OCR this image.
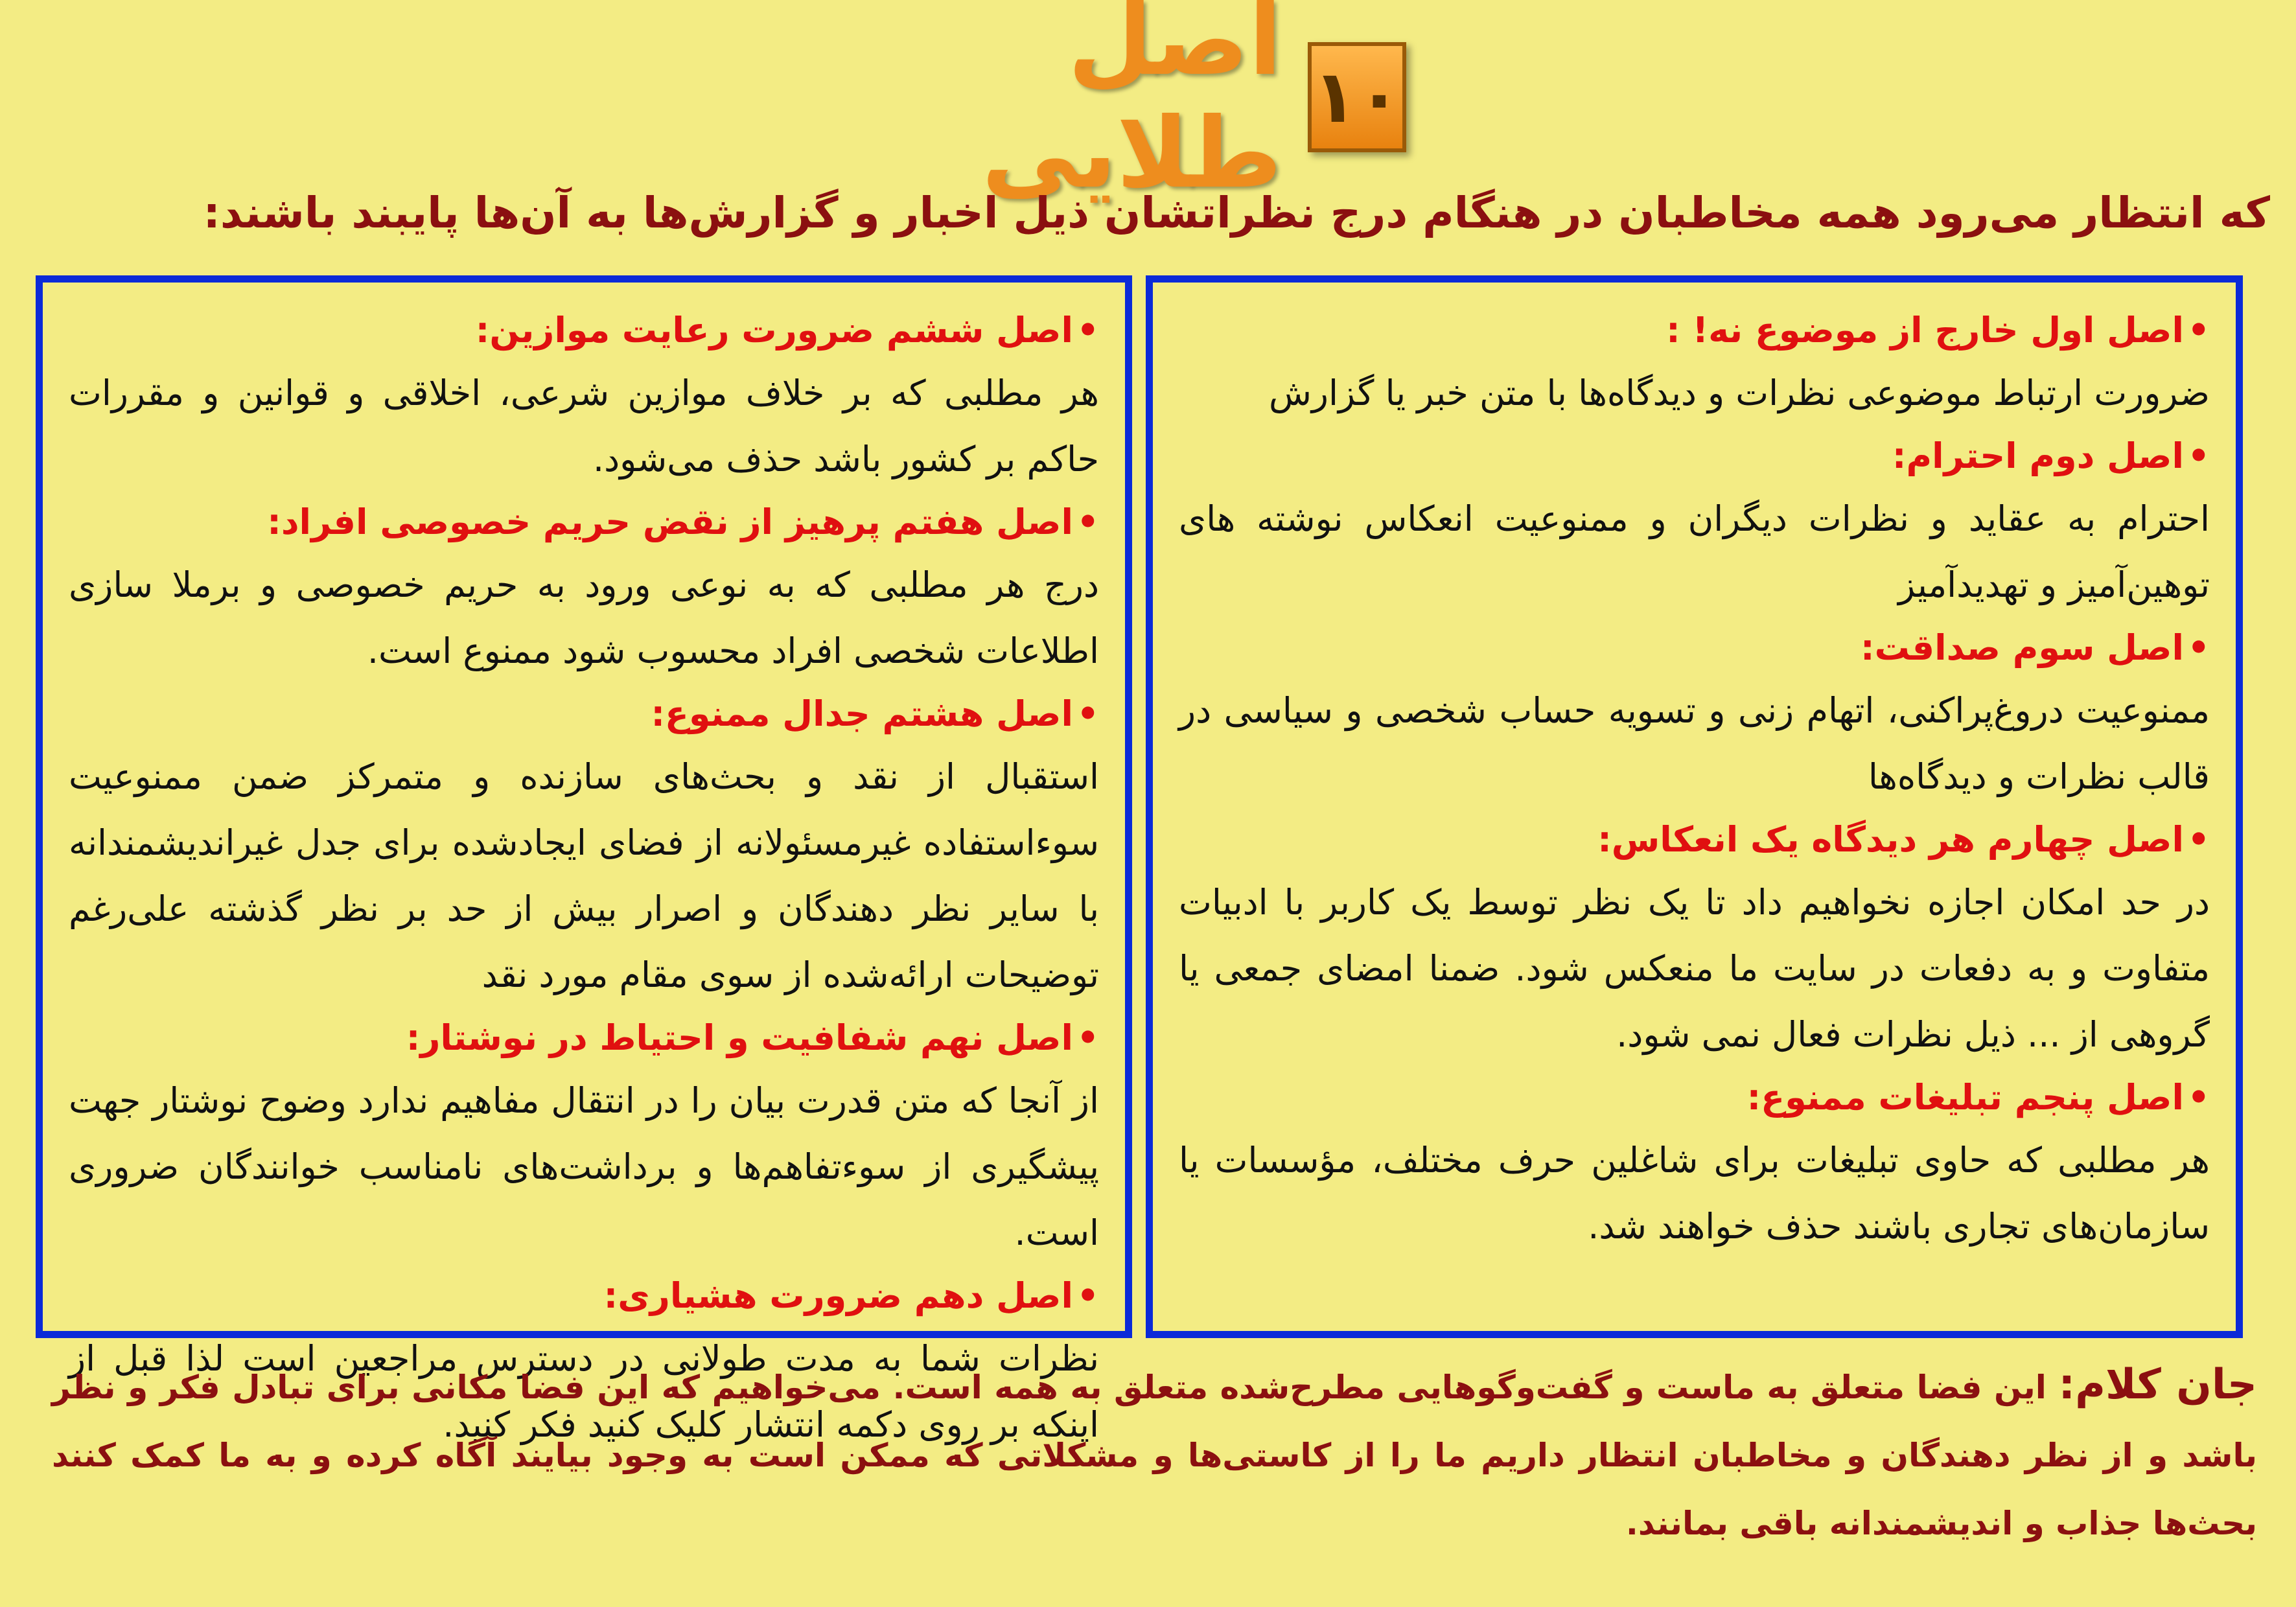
۱۰
اصل طلایی
که انتظار می‌رود همه مخاطبان در هنگام درج نظراتشان ذیل اخبار و گزارش‌ها به آن‌ها پایبند باشند:
• اصل اول خارج از موضوع نه! :
ضرورت ارتباط موضوعی نظرات و دیدگاه‌ها با متن خبر یا گزارش
• اصل دوم احترام:
احترام به عقاید و نظرات دیگران و ممنوعیت انعکاس نوشته های توهین‌آمیز و تهدیدآمیز
• اصل سوم صداقت:
ممنوعیت دروغ‌پراکنی، اتهام زنی و تسویه حساب شخصی و سیاسی در قالب نظرات و دیدگاه‌ها
• اصل چهارم هر دیدگاه یک انعکاس:
در حد امکان اجازه نخواهیم داد تا یک نظر توسط یک کاربر با ادبیات متفاوت و به دفعات در سایت ما منعکس شود. ضمنا امضای جمعی یا گروهی از ... ذیل نظرات فعال نمی شود.
• اصل پنجم تبلیغات ممنوع:
هر مطلبی که حاوی تبلیغات برای شاغلین حرف مختلف، مؤسسات یا سازمان‌های تجاری باشند حذف خواهند شد.
• اصل ششم ضرورت رعایت موازین:
هر مطلبی که بر خلاف موازین شرعی، اخلاقی و قوانین و مقررات حاکم بر کشور باشد حذف می‌شود.
• اصل هفتم پرهیز از نقض حریم خصوصی افراد:
درج هر مطلبی که به نوعی ورود به حریم خصوصی و برملا سازی اطلاعات شخصی افراد محسوب شود ممنوع است.
• اصل هشتم جدال ممنوع:
استقبال از نقد و بحث‌های سازنده و متمرکز ضمن ممنوعیت سوءاستفاده غیرمسئولانه از فضای ایجادشده برای جدل غیراندیشمندانه با سایر نظر دهندگان و اصرار بیش از حد بر نظر گذشته علی‌رغم توضیحات ارائه‌شده از سوی مقام مورد نقد
• اصل نهم شفافیت و احتیاط در نوشتار:
از آنجا که متن قدرت بیان را در انتقال مفاهیم ندارد وضوح نوشتار جهت پیشگیری از سوءتفاهم‌ها و برداشت‌های نامناسب خوانندگان ضروری است.
• اصل دهم ضرورت هشیاری:
نظرات شما به مدت طولانی در دسترس مراجعین است لذا قبل از اینکه بر روی دکمه انتشار کلیک کنید فکر کنید.
جان کلام: این فضا متعلق به ماست و گفت‌وگوهایی مطرح‌شده متعلق به همه است. می‌خواهیم که این فضا مکانی برای تبادل فکر و نظر باشد و از نظر دهندگان و مخاطبان انتظار داریم ما را از کاستی‌ها و مشکلاتی که ممکن است به وجود بیایند آگاه کرده و به ما کمک کنند بحث‌ها جذاب و اندیشمندانه باقی بمانند.
